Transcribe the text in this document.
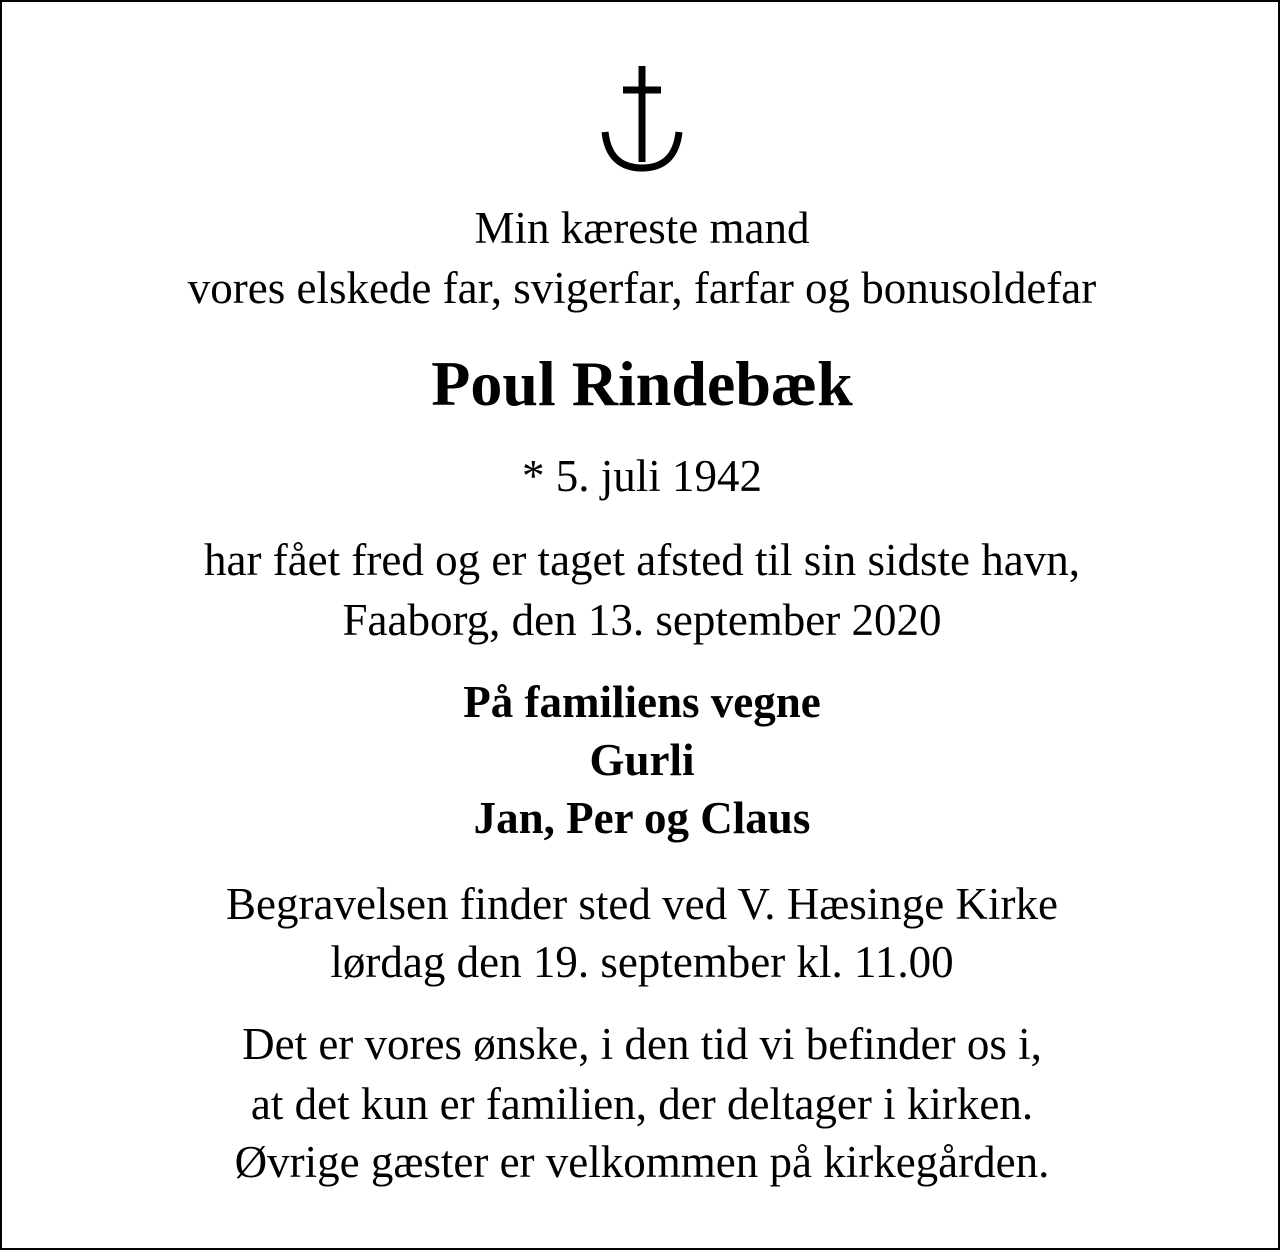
Min kæreste mand
vores elskede far, svigerfar, farfar og bonusoldefar
Poul Rindebæk
* 5. juli 1942
har fået fred og er taget afsted til sin sidste havn,
Faaborg, den 13. september 2020
På familiens vegne
Gurli
Jan, Per og Claus
Begravelsen finder sted ved V. Hæsinge Kirke
lørdag den 19. september kl. 11.00
Det er vores ønske, i den tid vi befinder os i,
at det kun er familien, der deltager i kirken.
Øvrige gæster er velkommen på kirkegården.
